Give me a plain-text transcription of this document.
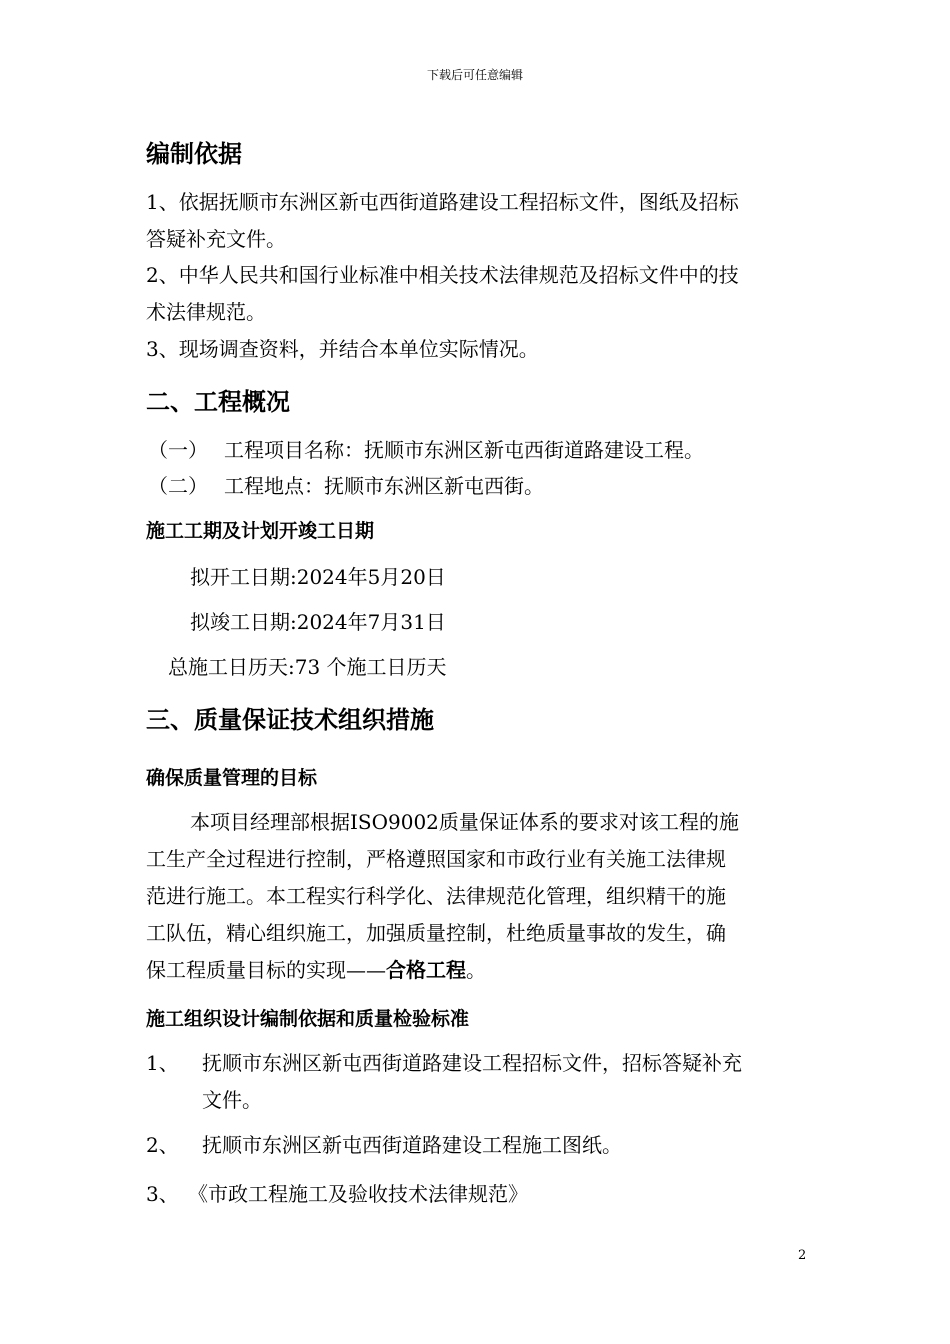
下载后可任意编辑
编制依据
1、依据抚顺市东洲区新屯西街道路建设工程招标文件，图纸及招标
答疑补充文件。
2、中华人民共和国行业标准中相关技术法律规范及招标文件中的技
术法律规范。
3、现场调查资料，并结合本单位实际情况。
二、工程概况
（一） 工程项目名称：抚顺市东洲区新屯西街道路建设工程。
（二） 工程地点：抚顺市东洲区新屯西街。
施工工期及计划开竣工日期
拟开工日期:2024年5月20日
拟竣工日期:2024年7月31日
总施工日历天:73 个施工日历天
三、质量保证技术组织措施
确保质量管理的目标
本项目经理部根据ISO9002质量保证体系的要求对该工程的施
工生产全过程进行控制，严格遵照国家和市政行业有关施工法律规
范进行施工。本工程实行科学化、法律规范化管理，组织精干的施
工队伍，精心组织施工，加强质量控制，杜绝质量事故的发生，确
保工程质量目标的实现——合格工程。
施工组织设计编制依据和质量检验标准
1、 抚顺市东洲区新屯西街道路建设工程招标文件，招标答疑补充
文件。
2、 抚顺市东洲区新屯西街道路建设工程施工图纸。
3、 《市政工程施工及验收技术法律规范》
2
